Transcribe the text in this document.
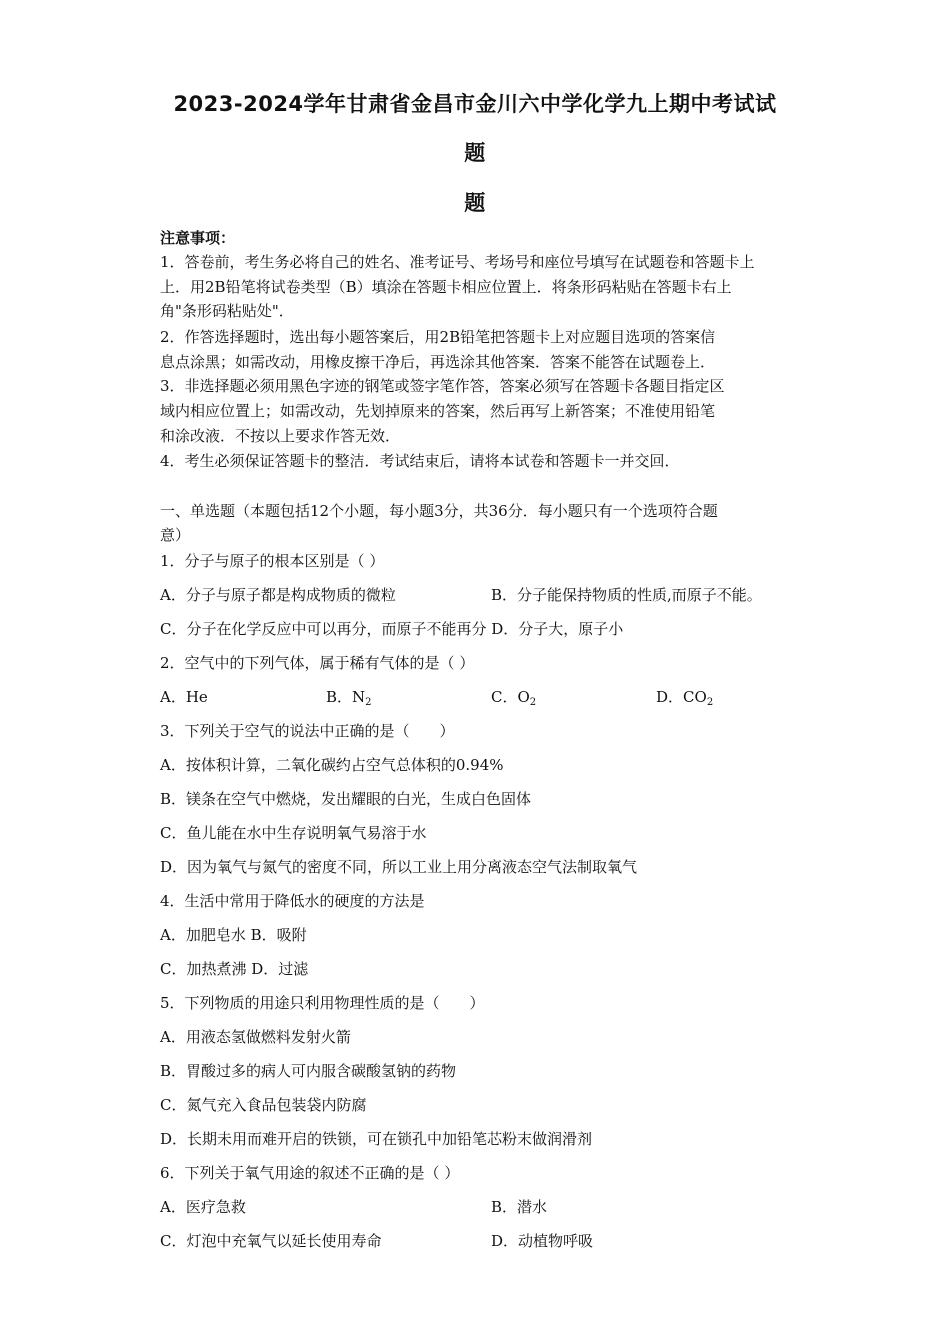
2023-2024学年甘肃省金昌市金川六中学化学九上期中考试试
题
题
注意事项：
1．答卷前，考生务必将自己的姓名、准考证号、考场号和座位号填写在试题卷和答题卡上
上．用2B铅笔将试卷类型（B）填涂在答题卡相应位置上．将条形码粘贴在答题卡右上
角"条形码粘贴处"．
2．作答选择题时，选出每小题答案后，用2B铅笔把答题卡上对应题目选项的答案信
息点涂黑；如需改动，用橡皮擦干净后，再选涂其他答案．答案不能答在试题卷上．
3．非选择题必须用黑色字迹的钢笔或签字笔作答，答案必须写在答题卡各题目指定区
域内相应位置上；如需改动，先划掉原来的答案，然后再写上新答案；不准使用铅笔
和涂改液．不按以上要求作答无效．
4．考生必须保证答题卡的整洁．考试结束后，请将本试卷和答题卡一并交回．
一、单选题（本题包括12个小题，每小题3分，共36分．每小题只有一个选项符合题
意）
1．分子与原子的根本区别是（ ）
A．分子与原子都是构成物质的微粒	B．分子能保持物质的性质,而原子不能。
C．分子在化学反应中可以再分，而原子不能再分 D．分子大，原子小
2．空气中的下列气体，属于稀有气体的是（ ）
A．He	B．$N_2$	C．$O_2$	D．$CO_2$
3．下列关于空气的说法中正确的是（　　）
A．按体积计算，二氧化碳约占空气总体积的0.94%
B．镁条在空气中燃烧，发出耀眼的白光，生成白色固体
C．鱼儿能在水中生存说明氧气易溶于水
D．因为氧气与氮气的密度不同，所以工业上用分离液态空气法制取氧气
4．生活中常用于降低水的硬度的方法是
A．加肥皂水 B．吸附
C．加热煮沸 D．过滤
5．下列物质的用途只利用物理性质的是（　　）
A．用液态氢做燃料发射火箭
B．胃酸过多的病人可内服含碳酸氢钠的药物
C．氮气充入食品包装袋内防腐
D．长期未用而难开启的铁锁，可在锁孔中加铅笔芯粉末做润滑剂
6．下列关于氧气用途的叙述不正确的是（ ）
A．医疗急救	B．潜水
C．灯泡中充氧气以延长使用寿命	D．动植物呼吸
